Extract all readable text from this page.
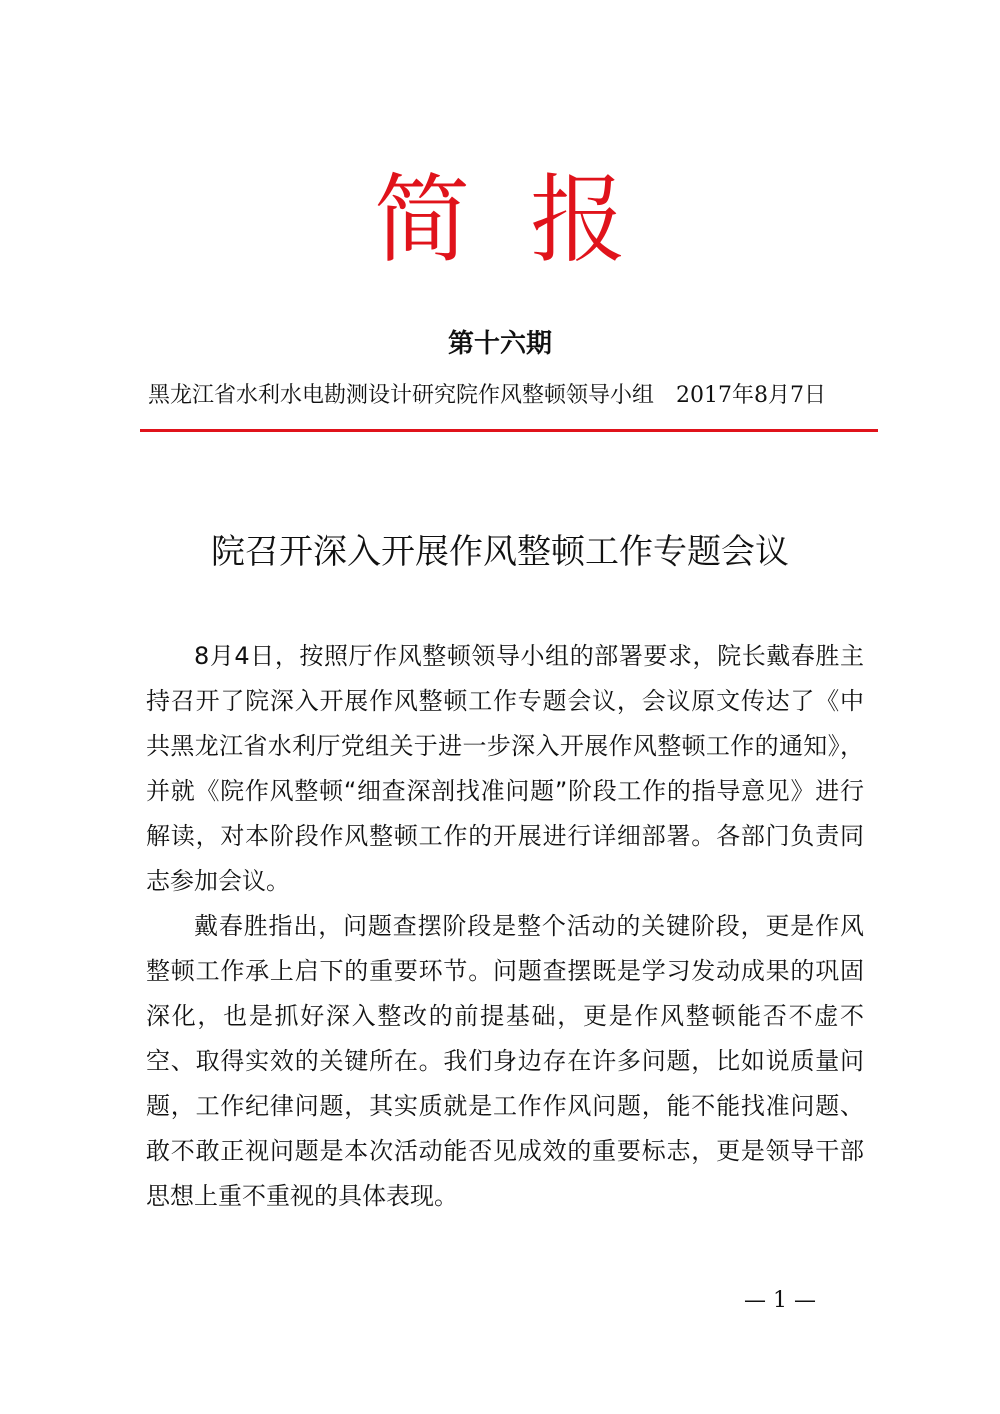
简报
第十六期
黑龙江省水利水电勘测设计研究院作风整顿领导小组 2017年8月7日
院召开深入开展作风整顿工作专题会议

8月4日，按照厅作风整顿领导小组的部署要求，院长戴春胜主持召开了院深入开展作风整顿工作专题会议，会议原文传达了《中共黑龙江省水利厅党组关于进一步深入开展作风整顿工作的通知》，并就《院作风整顿“细查深剖找准问题”阶段工作的指导意见》进行解读，对本阶段作风整顿工作的开展进行详细部署。各部门负责同志参加会议。

戴春胜指出，问题查摆阶段是整个活动的关键阶段，更是作风整顿工作承上启下的重要环节。问题查摆既是学习发动成果的巩固深化，也是抓好深入整改的前提基础，更是作风整顿能否不虚不空、取得实效的关键所在。我们身边存在许多问题，比如说质量问题，工作纪律问题，其实质就是工作作风问题，能不能找准问题、敢不敢正视问题是本次活动能否见成效的重要标志，更是领导干部思想上重不重视的具体表现。

— 1 —
